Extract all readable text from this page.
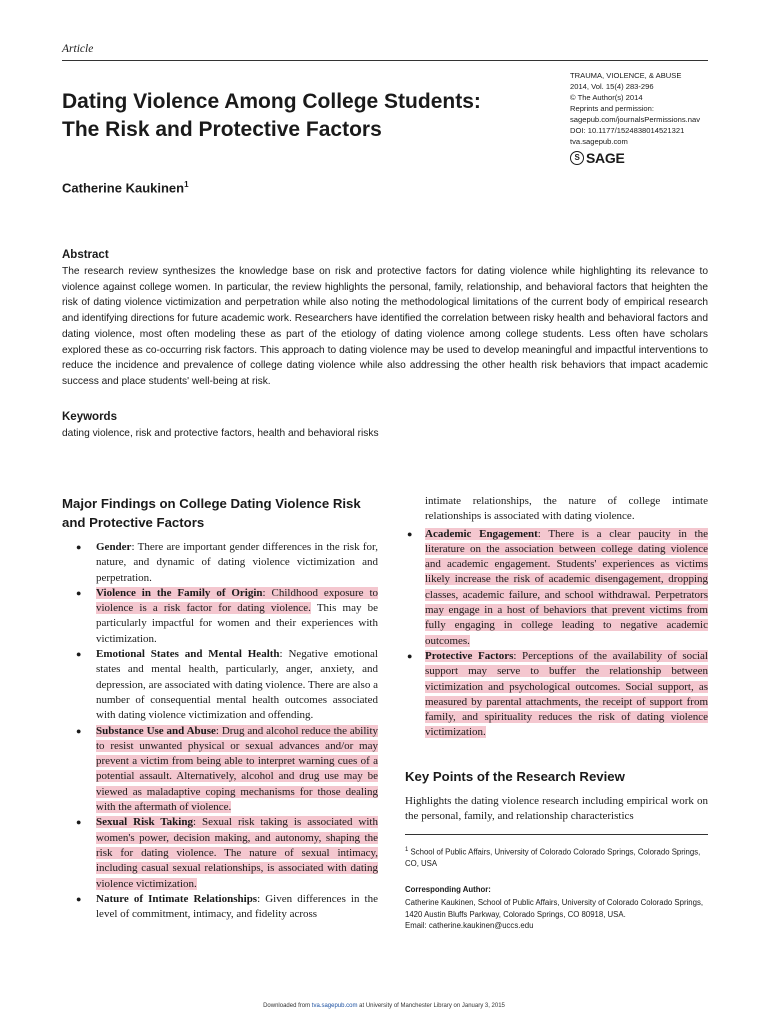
Article
TRAUMA, VIOLENCE, & ABUSE
2014, Vol. 15(4) 283-296
© The Author(s) 2014
Reprints and permission:
sagepub.com/journalsPermissions.nav
DOI: 10.1177/1524838014521321
tva.sagepub.com
S SAGE
Dating Violence Among College Students:
The Risk and Protective Factors
Catherine Kaukinen$^1$
Abstract
The research review synthesizes the knowledge base on risk and protective factors for dating violence while highlighting its relevance to violence against college women. In particular, the review highlights the personal, family, relationship, and behavioral factors that heighten the risk of dating violence victimization and perpetration while also noting the methodological limitations of the current body of empirical research and identifying directions for future academic work. Researchers have identified the correlation between risky health and behavioral factors and dating violence, most often modeling these as part of the etiology of dating violence among college students. Less often have scholars explored these as co-occurring risk factors. This approach to dating violence may be used to develop meaningful and impactful interventions to reduce the incidence and prevalence of college dating violence while also addressing the other health risk behaviors that impact academic success and place students' well-being at risk.
Keywords
dating violence, risk and protective factors, health and behavioral risks
Major Findings on College Dating Violence Risk and Protective Factors
● Gender: There are important gender differences in the risk for, nature, and dynamic of dating violence victimization and perpetration.
● Violence in the Family of Origin: Childhood exposure to violence is a risk factor for dating violence. This may be particularly impactful for women and their experiences with victimization.
● Emotional States and Mental Health: Negative emotional states and mental health, particularly, anger, anxiety, and depression, are associated with dating violence. There are also a number of consequential mental health outcomes associated with dating violence victimization and offending.
● Substance Use and Abuse: Drug and alcohol reduce the ability to resist unwanted physical or sexual advances and/or may prevent a victim from being able to interpret warning cues of a potential assault. Alternatively, alcohol and drug use may be viewed as maladaptive coping mechanisms for those dealing with the aftermath of violence.
● Sexual Risk Taking: Sexual risk taking is associated with women's power, decision making, and autonomy, shaping the risk for dating violence. The nature of sexual intimacy, including casual sexual relationships, is associated with dating violence victimization.
● Nature of Intimate Relationships: Given differences in the level of commitment, intimacy, and fidelity across
intimate relationships, the nature of college intimate relationships is associated with dating violence.
● Academic Engagement: There is a clear paucity in the literature on the association between college dating violence and academic engagement. Students' experiences as victims likely increase the risk of academic disengagement, dropping classes, academic failure, and school withdrawal. Perpetrators may engage in a host of behaviors that prevent victims from fully engaging in college leading to negative academic outcomes.
● Protective Factors: Perceptions of the availability of social support may serve to buffer the relationship between victimization and psychological outcomes. Social support, as measured by parental attachments, the receipt of support from family, and spirituality reduces the risk of dating violence victimization.
Key Points of the Research Review

Highlights the dating violence research including empirical work on the personal, family, and relationship characteristics

$^1$ School of Public Affairs, University of Colorado Colorado Springs, Colorado Springs, CO, USA
Corresponding Author:
Catherine Kaukinen, School of Public Affairs, University of Colorado Colorado Springs, 1420 Austin Bluffs Parkway, Colorado Springs, CO 80918, USA.
Email: catherine.kaukinen@uccs.edu
Downloaded from tva.sagepub.com at University of Manchester Library on January 3, 2015
